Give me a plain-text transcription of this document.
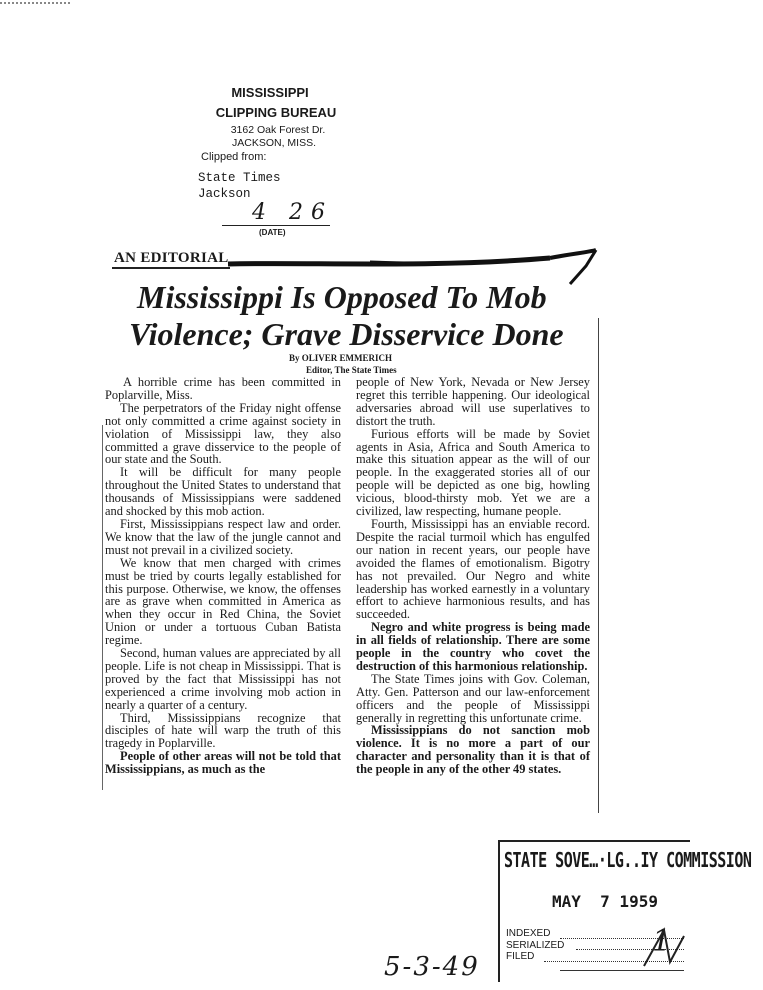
MISSISSIPPI
CLIPPING BUREAU
3162 Oak Forest Dr.
JACKSON, MISS.
Clipped from:
State Times
Jackson
4 26
(DATE)
AN EDITORIAL
Mississippi Is Opposed To Mob
Violence; Grave Disservice Done
By OLIVER EMMERICH
Editor, The State Times

A horrible crime has been committed in Poplarville, Miss.

The perpetrators of the Friday night offense not only committed a crime against society in violation of Mississippi law, they also committed a grave disservice to the people of our state and the South.

It will be difficult for many people throughout the United States to understand that thousands of Mississippians were saddened and shocked by this mob action.

First, Mississippians respect law and order. We know that the law of the jungle cannot and must not prevail in a civilized society.

We know that men charged with crimes must be tried by courts legally established for this purpose. Otherwise, we know, the offenses are as grave when committed in America as when they occur in Red China, the Soviet Union or under a tortuous Cuban Batista regime.

Second, human values are appreciated by all people. Life is not cheap in Mississippi. That is proved by the fact that Mississippi has not experienced a crime involving mob action in nearly a quarter of a century.

Third, Mississippians recognize that disciples of hate will warp the truth of this tragedy in Poplarville.

People of other areas will not be told that Mississippians, as much as the

people of New York, Nevada or New Jersey regret this terrible happening. Our ideological adversaries abroad will use superlatives to distort the truth.

Furious efforts will be made by Soviet agents in Asia, Africa and South America to make this situation appear as the will of our people. In the exaggerated stories all of our people will be depicted as one big, howling vicious, blood-thirsty mob. Yet we are a civilized, law respecting, humane people.

Fourth, Mississippi has an enviable record. Despite the racial turmoil which has engulfed our nation in recent years, our people have avoided the flames of emotionalism. Bigotry has not prevailed. Our Negro and white leadership has worked earnestly in a voluntary effort to achieve harmonious results, and has succeeded.

Negro and white progress is being made in all fields of relationship. There are some people in the country who covet the destruction of this harmonious relationship.

The State Times joins with Gov. Coleman, Atty. Gen. Patterson and our law-enforcement officers and the people of Mississippi generally in regretting this unfortunate crime.

Mississippians do not sanction mob violence. It is no more a part of our character and personality than it is that of the people in any of the other 49 states.

STATE SOVE…·LG..IY COMMISSION
MAY  7 1959
INDEXED
SERIALIZED
FILED	1
5-3-49
